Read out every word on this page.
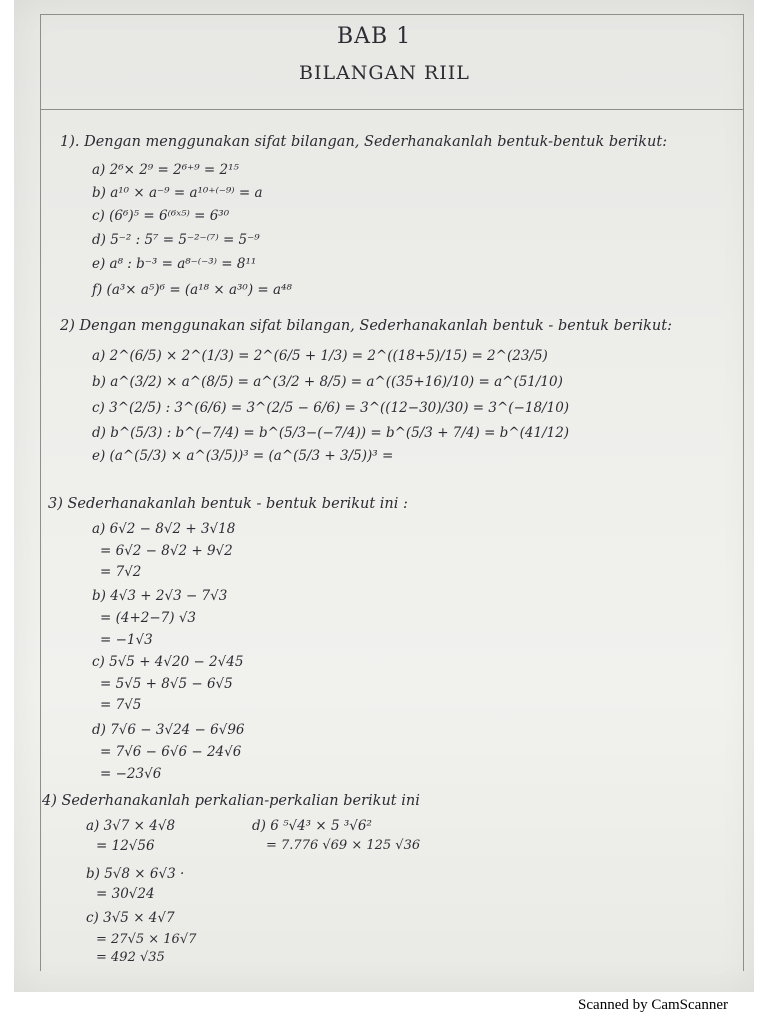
BAB 1
BILANGAN RIIL
1). Dengan menggunakan sifat bilangan, Sederhanakanlah bentuk-bentuk berikut:
a) 2⁶× 2⁹ = 2⁶⁺⁹ = 2¹⁵
b) a¹⁰ × a⁻⁹ = a¹⁰⁺⁽⁻⁹⁾ = a
c) (6⁶)⁵ = 6⁽⁶ˣ⁵⁾ = 6³⁰
d) 5⁻² : 5⁷ = 5⁻²⁻⁽⁷⁾ = 5⁻⁹
e) a⁸ : b⁻³ = a⁸⁻⁽⁻³⁾ = 8¹¹
f) (a³× a⁵)⁶ = (a¹⁸ × a³⁰) = a⁴⁸
2) Dengan menggunakan sifat bilangan, Sederhanakanlah bentuk - bentuk berikut:
a) 2^(6/5) × 2^(1/3) = 2^(6/5 + 1/3) = 2^((18+5)/15) = 2^(23/5)
b) a^(3/2) × a^(8/5) = a^(3/2 + 8/5) = a^((35+16)/10) = a^(51/10)
c) 3^(2/5) : 3^(6/6) = 3^(2/5 − 6/6) = 3^((12−30)/30) = 3^(−18/10)
d) b^(5/3) : b^(−7/4) = b^(5/3−(−7/4)) = b^(5/3 + 7/4) = b^(41/12)
e) (a^(5/3) × a^(3/5))³ = (a^(5/3 + 3/5))³ =
3) Sederhanakanlah bentuk - bentuk berikut ini :
a) 6√2 − 8√2 + 3√18
= 6√2 − 8√2 + 9√2
= 7√2
b) 4√3 + 2√3 − 7√3
= (4+2−7) √3
= −1√3
c) 5√5 + 4√20 − 2√45
= 5√5 + 8√5 − 6√5
= 7√5
d) 7√6 − 3√24 − 6√96
= 7√6 − 6√6 − 24√6
= −23√6
4) Sederhanakanlah perkalian-perkalian berikut ini
a) 3√7 × 4√8
= 12√56
b) 5√8 × 6√3 ·
= 30√24
c) 3√5 × 4√7
= 27√5 × 16√7
= 492 √35
d) 6 ⁵√4³ × 5 ³√6²
= 7.776 √69 × 125 √36
Scanned by CamScanner
